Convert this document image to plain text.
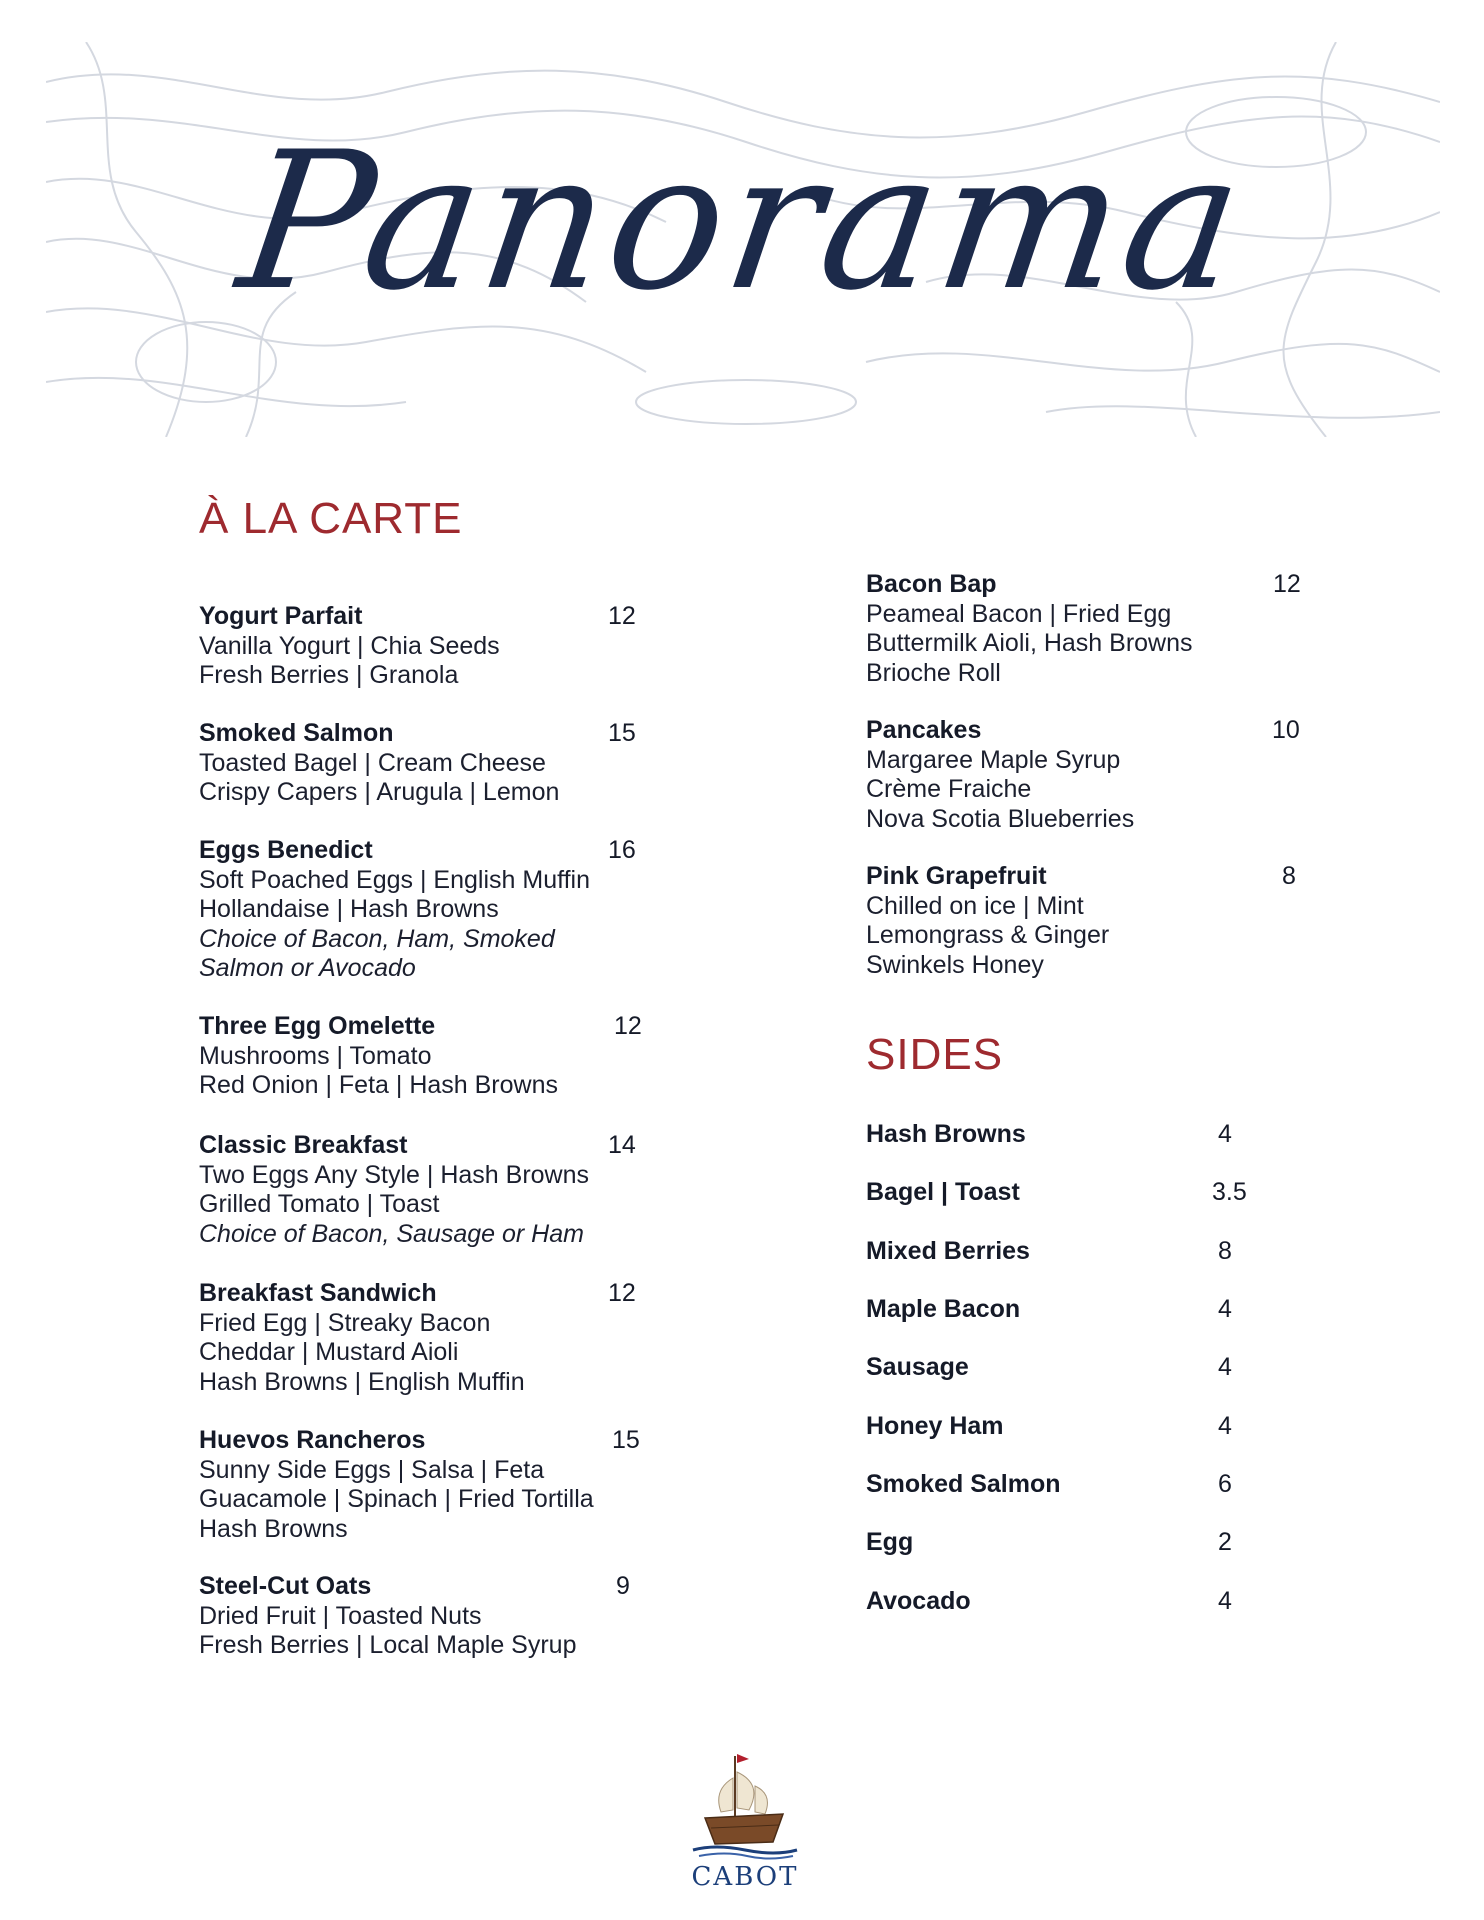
Panorama
À LA CARTE
Yogurt Parfait	12
Vanilla Yogurt | Chia Seeds
Fresh Berries | Granola
Smoked Salmon	15
Toasted Bagel | Cream Cheese
Crispy Capers | Arugula | Lemon
Eggs Benedict	16
Soft Poached Eggs | English Muffin
Hollandaise | Hash Browns
Choice of Bacon, Ham, Smoked
Salmon or Avocado
Three Egg Omelette	12
Mushrooms | Tomato
Red Onion | Feta | Hash Browns
Classic Breakfast	14
Two Eggs Any Style | Hash Browns
Grilled Tomato | Toast
Choice of Bacon, Sausage or Ham
Breakfast Sandwich	12
Fried Egg | Streaky Bacon
Cheddar | Mustard Aioli
Hash Browns | English Muffin
Huevos Rancheros	15
Sunny Side Eggs | Salsa | Feta
Guacamole | Spinach | Fried Tortilla
Hash Browns
Steel-Cut Oats	9
Dried Fruit | Toasted Nuts
Fresh Berries | Local Maple Syrup
Bacon Bap	12
Peameal Bacon | Fried Egg
Buttermilk Aioli, Hash Browns
Brioche Roll
Pancakes	10
Margaree Maple Syrup
Crème Fraiche
Nova Scotia Blueberries
Pink Grapefruit	8
Chilled on ice | Mint
Lemongrass & Ginger
Swinkels Honey
SIDES
Hash Browns	4
Bagel | Toast	3.5
Mixed Berries	8
Maple Bacon	4
Sausage	4
Honey Ham	4
Smoked Salmon	6
Egg	2
Avocado	4
CABOT
